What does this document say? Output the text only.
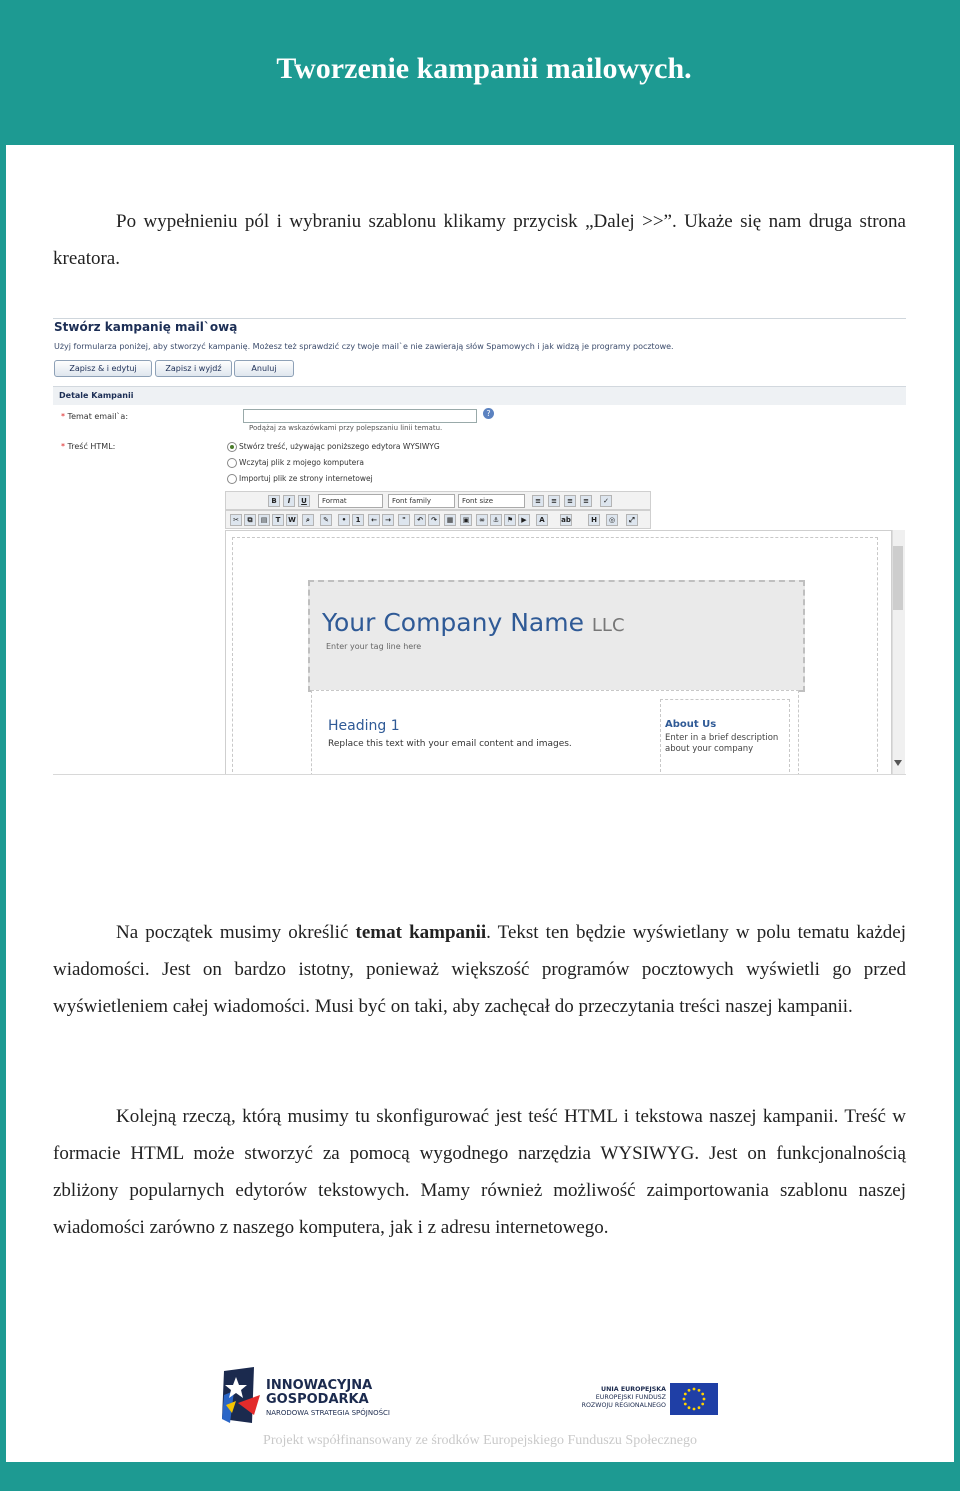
Tworzenie kampanii mailowych.

Po wypełnieniu pól i wybraniu szablonu klikamy przycisk „Dalej >>”. Ukaże się nam druga strona kreatora.

Stwórz kampanię mail`ową
Użyj formularza poniżej, aby stworzyć kampanię. Możesz też sprawdzić czy twoje mail`e nie zawierają słów Spamowych i jak widzą je programy pocztowe.
Zapisz & i edytuj	Zapisz i wyjdź	Anuluj
Detale Kampanii
* Temat email`a:	?
Podążaj za wskazówkami przy polepszaniu linii tematu.
* Treść HTML:	Stwórz treść, używając poniższego edytora WYSIWYG
Wczytaj plik z mojego komputera
Importuj plik ze strony internetowej
B	I	U	Format	Font family	Font size	≡	≡	≡	≡	✓
✂	⧉	▤	T	W	⌕	✎	•	1	←	→	"	↶	↷	▦	▣	∞	⚓	⚑	▶	A	ab	H	◎	⤢
Your Company Name LLC
Enter your tag line here
Heading 1
Replace this text with your email content and images.
About Us
Enter in a brief description about your company

Na początek musimy określić temat kampanii. Tekst ten będzie wyświetlany w polu tematu każdej wiadomości. Jest on bardzo istotny, ponieważ większość programów pocztowych wyświetli go przed wyświetleniem całej wiadomości. Musi być on taki, aby zachęcał do przeczytania treści naszej kampanii.

Kolejną rzeczą, którą musimy tu skonfigurować jest teść HTML i tekstowa naszej kampanii. Treść w formacie HTML może stworzyć za pomocą wygodnego narzędzia WYSIWYG. Jest on funkcjonalnością zbliżony popularnych edytorów tekstowych. Mamy również możliwość zaimportowania szablonu naszej wiadomości zarówno z naszego komputera, jak i z adresu internetowego.

INNOWACYJNA
GOSPODARKA
NARODOWA STRATEGIA SPÓJNOŚCI
UNIA EUROPEJSKA
EUROPEJSKI FUNDUSZ
ROZWOJU REGIONALNEGO
Projekt współfinansowany ze środków Europejskiego Funduszu Społecznego
